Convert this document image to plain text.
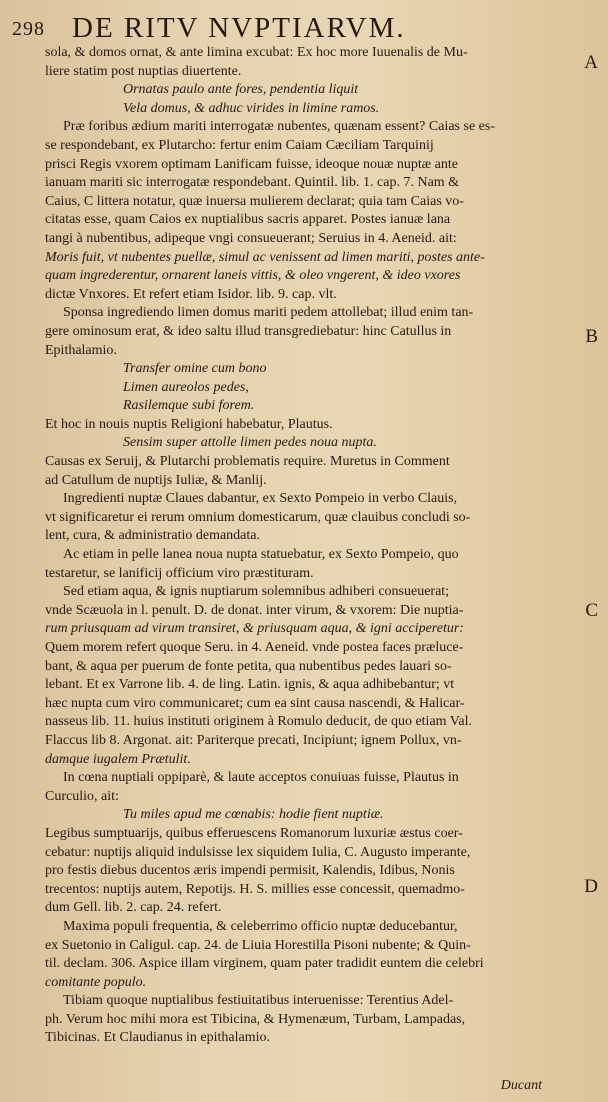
298 DE RITV NVPTIARVM.
sola, & domos ornat, & ante limina excubat: Ex hoc more Iuuenalis de Mu-
liere statim post nuptias diuertente.
Ornatas paulo ante fores, pendentia liquit
Vela domus, & adhuc virides in limine ramos.
Præ foribus ædium mariti interrogatæ nubentes, quænam essent? Caias se es-
se respondebant, ex Plutarcho: fertur enim Caiam Cæciliam Tarquinij
prisci Regis vxorem optimam Lanificam fuisse, ideoque nouæ nuptæ ante
ianuam mariti sic interrogatæ respondebant. Quintil. lib. 1. cap. 7. Nam &
Caius, C littera notatur, quæ inuersa mulierem declarat; quia tam Caias vo-
citatas esse, quam Caios ex nuptialibus sacris apparet. Postes ianuæ lana
tangi à nubentibus, adipeque vngi consueuerant; Seruius in 4. Aeneid. ait:
Moris fuit, vt nubentes puellæ, simul ac venissent ad limen mariti, postes ante-
quam ingrederentur, ornarent laneis vittis, & oleo vngerent, & ideo vxores
dictæ Vnxores. Et refert etiam Isidor. lib. 9. cap. vlt.
Sponsa ingrediendo limen domus mariti pedem attollebat; illud enim tan-
gere ominosum erat, & ideo saltu illud transgrediebatur: hinc Catullus in
Epithalamio.
Transfer omine cum bono
Limen aureolos pedes,
Rasilemque subi forem.
Et hoc in nouis nuptis Religioni habebatur, Plautus.
Sensim super attolle limen pedes noua nupta.
Causas ex Seruij, & Plutarchi problematis require. Muretus in Comment
ad Catullum de nuptijs Iuliæ, & Manlij.
Ingredienti nuptæ Claues dabantur, ex Sexto Pompeio in verbo Clauis,
vt significaretur ei rerum omnium domesticarum, quæ clauibus concludi so-
lent, cura, & administratio demandata.
Ac etiam in pelle lanea noua nupta statuebatur, ex Sexto Pompeio, quo
testaretur, se lanificij officium viro præstituram.
Sed etiam aqua, & ignis nuptiarum solemnibus adhiberi consueuerat;
vnde Scæuola in l. penult. D. de donat. inter virum, & vxorem: Die nuptia-
rum priusquam ad virum transiret, & priusquam aqua, & igni acciperetur:
Quem morem refert quoque Seru. in 4. Aeneid. vnde postea faces præluce-
bant, & aqua per puerum de fonte petita, qua nubentibus pedes lauari so-
lebant. Et ex Varrone lib. 4. de ling. Latin. ignis, & aqua adhibebantur; vt
hæc nupta cum viro communicaret; cum ea sint causa nascendi, & Halicar-
nasseus lib. 11. huius instituti originem à Romulo deducit, de quo etiam Val.
Flaccus lib 8. Argonat. ait: Pariterque precati, Incipiunt; ignem Pollux, vn-
damque iugalem Prætulit.
In cœna nuptiali oppiparè, & laute acceptos conuiuas fuisse, Plautus in
Curculio, ait:
Tu miles apud me cœnabis: hodie fient nuptiæ.
Legibus sumptuarijs, quibus efferuescens Romanorum luxuriæ æstus coer-
cebatur: nuptijs aliquid indulsisse lex siquidem Iulia, C. Augusto imperante,
pro festis diebus ducentos æris impendi permisit, Kalendis, Idibus, Nonis
trecentos: nuptijs autem, Repotijs. H. S. millies esse concessit, quemadmo-
dum Gell. lib. 2. cap. 24. refert.
Maxima populi frequentia, & celeberrimo officio nuptæ deducebantur,
ex Suetonio in Caligul. cap. 24. de Liuia Horestilla Pisoni nubente; & Quin-
til. declam. 306. Aspice illam virginem, quam pater tradidit euntem die celebri
comitante populo.
Tibiam quoque nuptialibus festiuitatibus interuenisse: Terentius Adel-
ph. Verum hoc mihi mora est Tibicina, & Hymenæum, Turbam, Lampadas,
Tibicinas. Et Claudianus in epithalamio.
A
B
C
D
Ducant
